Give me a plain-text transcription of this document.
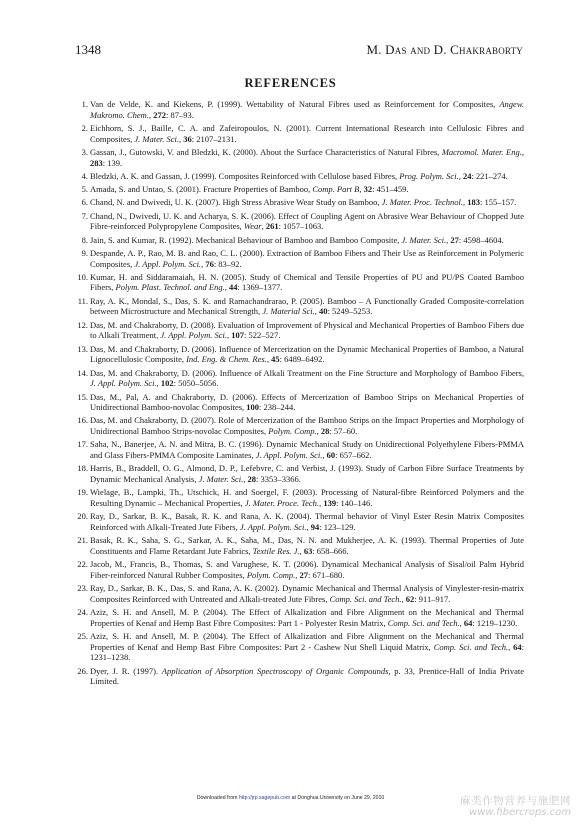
1348	M. Das and D. Chakraborty
REFERENCES
1. Van de Velde, K. and Kiekens, P. (1999). Wettability of Natural Fibres used as Reinforcement for Composites, Angew. Makromo. Chem., 272: 87–93.
2. Eichhorn, S. J., Baille, C. A. and Zafeiropoulos, N. (2001). Current International Research into Cellulosic Fibres and Composites, J. Mater. Sci., 36: 2107–2131.
3. Gassan, J., Gutowski, V. and Bledzki, K. (2000). About the Surface Characteristics of Natural Fibres, Macromol. Mater. Eng., 283: 139.
4. Bledzki, A. K. and Gassan, J. (1999). Composites Reinforced with Cellulose based Fibres, Prog. Polym. Sci., 24: 221–274.
5. Amada, S. and Untao, S. (2001). Fracture Properties of Bamboo, Comp. Part B, 32: 451–459.
6. Chand, N. and Dwivedi, U. K. (2007). High Stress Abrasive Wear Study on Bamboo, J. Mater. Proc. Technol., 183: 155–157.
7. Chand, N., Dwivedi, U. K. and Acharya, S. K. (2006). Effect of Coupling Agent on Abrasive Wear Behaviour of Chopped Jute Fibre-reinforced Polypropylene Composites, Wear, 261: 1057–1063.
8. Jain, S. and Kumar, R. (1992). Mechanical Behaviour of Bamboo and Bamboo Composite, J. Mater. Sci., 27: 4598–4604.
9. Despande, A. P., Rao, M. B. and Rao, C. L. (2000). Extraction of Bamboo Fibers and Their Use as Reinforcement in Polymeric Composites, J. Appl. Polym. Sci., 76: 83–92.
10. Kumar, H. and Siddaramaiah, H. N. (2005). Study of Chemical and Tensile Properties of PU and PU/PS Coated Bamboo Fibers, Polym. Plast. Technol. and Eng., 44: 1369–1377.
11. Ray, A. K., Mondal, S., Das, S. K. and Ramachandrarao, P. (2005). Bamboo – A Functionally Graded Composite-correlation between Microstructure and Mechanical Strength, J. Material Sci., 40: 5249–5253.
12. Das, M. and Chakraborty, D. (2008). Evaluation of Improvement of Physical and Mechanical Properties of Bamboo Fibers due to Alkali Treatment, J. Appl. Polym. Sci., 107: 522–527.
13. Das, M. and Chakraborty, D. (2006). Influence of Mercerization on the Dynamic Mechanical Properties of Bamboo, a Natural Lignocellulosic Composite, Ind. Eng. & Chem. Res., 45: 6489–6492.
14. Das, M. and Chakraborty, D. (2006). Influence of Alkali Treatment on the Fine Structure and Morphology of Bamboo Fibers, J. Appl. Polym. Sci., 102: 5050–5056.
15. Das, M., Pal, A. and Chakraborty, D. (2006). Effects of Mercerization of Bamboo Strips on Mechanical Properties of Unidirectional Bamboo-novolac Composites, 100: 238–244.
16. Das, M. and Chakraborty, D. (2007). Role of Mercerization of the Bamboo Strips on the Impact Properties and Morphology of Unidirectional Bamboo Strips-novolac Composites, Polym. Comp., 28: 57–60.
17. Saha, N., Banerjee, A. N. and Mitra, B. C. (1996). Dynamic Mechanical Study on Unidirectional Polyethylene Fibers-PMMA and Glass Fibers-PMMA Composite Laminates, J. Appl. Polym. Sci., 60: 657–662.
18. Harris, B., Braddell, O. G., Almond, D. P., Lefebvre, C. and Verbist, J. (1993). Study of Carbon Fibre Surface Treatments by Dynamic Mechanical Analysis, J. Mater. Sci., 28: 3353–3366.
19. Wielage, B., Lampki, Th., Utschick, H. and Soergel, F. (2003). Processing of Natural-fibre Reinforced Polymers and the Resulting Dynamic – Mechanical Properties, J. Mater. Proce. Tech., 139: 140–146.
20. Ray, D., Sarkar, B. K., Basak, R. K. and Rana, A. K. (2004). Thermal behavior of Vinyl Ester Resin Matrix Composites Reinforced with Alkali-Treated Jute Fibers, J. Appl. Polym. Sci., 94: 123–129.
21. Basak, R. K., Saha, S. G., Sarkar, A. K., Saha, M., Das, N. N. and Mukherjee, A. K. (1993). Thermal Properties of Jute Constituents and Flame Retardant Jute Fabrics, Textile Res. J., 63: 658–666.
22. Jacob, M., Francis, B., Thomas, S. and Varughese, K. T. (2006). Dynamical Mechanical Analysis of Sisal/oil Palm Hybrid Fiber-reinforced Natural Rubber Composites, Polym. Comp., 27: 671–680.
23. Ray, D., Sarkar, B. K., Das, S. and Rana, A. K. (2002). Dynamic Mechanical and Thermal Analysis of Vinylester-resin-matrix Composites Reinforced with Untreated and Alkali-treated Jute Fibres, Comp. Sci. and Tech., 62: 911–917.
24. Aziz, S. H. and Ansell, M. P. (2004). The Effect of Alkalization and Fibre Alignment on the Mechanical and Thermal Properties of Kenaf and Hemp Bast Fibre Composites: Part 1 - Polyester Resin Matrix, Comp. Sci. and Tech., 64: 1219–1230.
25. Aziz, S. H. and Ansell, M. P. (2004). The Effect of Alkalization and Fibre Alignment on the Mechanical and Thermal Properties of Kenaf and Hemp Bast Fibre Composites: Part 2 - Cashew Nut Shell Liquid Matrix, Comp. Sci. and Tech., 64: 1231–1238.
26. Dyer, J. R. (1997). Application of Absorption Spectroscopy of Organic Compounds, p. 33, Prentice-Hall of India Private Limited.
Downloaded from http://jrp.sagepub.com at Donghua University on June 29, 2010	麻类作物营养与施肥网
www.fibercrops.com
